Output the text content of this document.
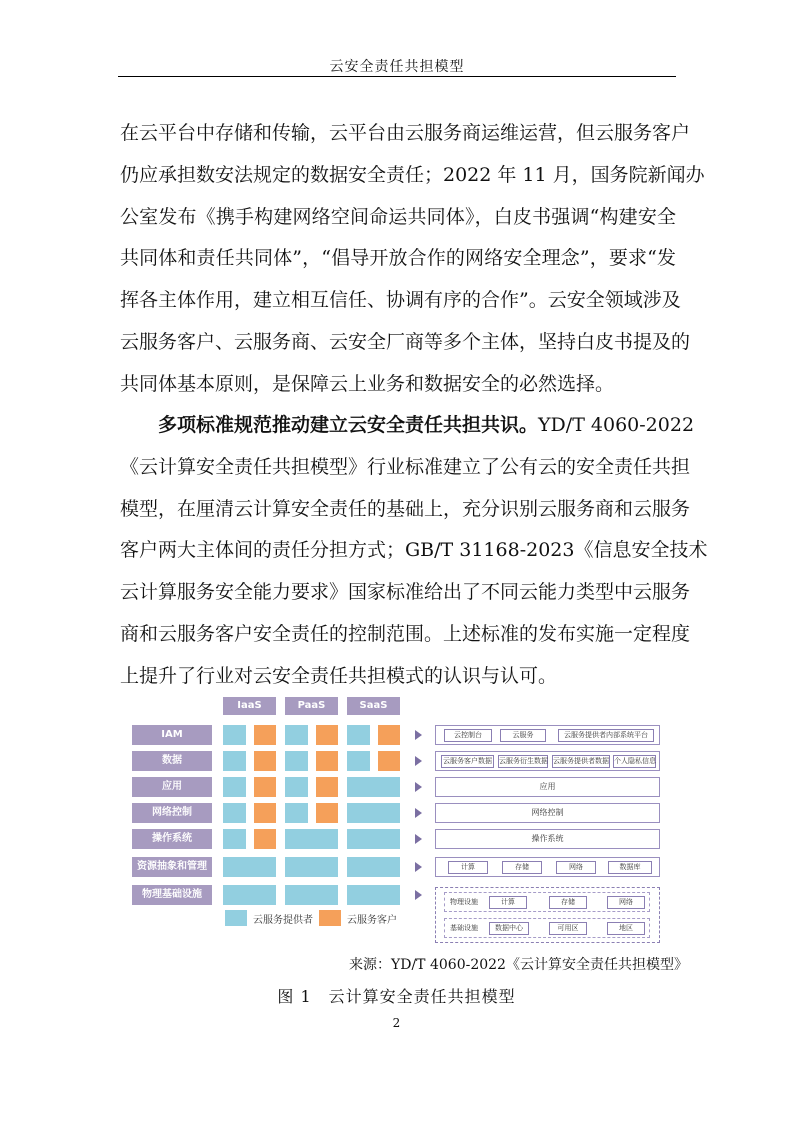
云安全责任共担模型
在云平台中存储和传输，云平台由云服务商运维运营，但云服务客户
仍应承担数安法规定的数据安全责任；2022 年 11 月，国务院新闻办
公室发布《携手构建网络空间命运共同体》，白皮书强调“构建安全
共同体和责任共同体”，“倡导开放合作的网络安全理念”，要求“发
挥各主体作用，建立相互信任、协调有序的合作”。云安全领域涉及
云服务客户、云服务商、云安全厂商等多个主体，坚持白皮书提及的
共同体基本原则，是保障云上业务和数据安全的必然选择。
多项标准规范推动建立云安全责任共担共识。YD/T 4060-2022
《云计算安全责任共担模型》行业标准建立了公有云的安全责任共担
模型，在厘清云计算安全责任的基础上，充分识别云服务商和云服务
客户两大主体间的责任分担方式；GB/T 31168-2023《信息安全技术
云计算服务安全能力要求》国家标准给出了不同云能力类型中云服务
商和云服务客户安全责任的控制范围。上述标准的发布实施一定程度
上提升了行业对云安全责任共担模式的认识与认可。
IaaS	PaaS	SaaS
IAM
数据
应用
网络控制
操作系统
资源抽象和管理
物理基础设施
云控制台	云服务	云服务提供者内部系统平台
云服务客户数据 云服务衍生数据 云服务提供者数据 个人隐私信息
应用
网络控制
操作系统
计算	存储	网络	数据库
物理设施	计算	存储	网络
基础设施	数据中心	可用区	地区
云服务提供者	云服务客户
来源：YD/T 4060-2022《云计算安全责任共担模型》
图 1　云计算安全责任共担模型
2
